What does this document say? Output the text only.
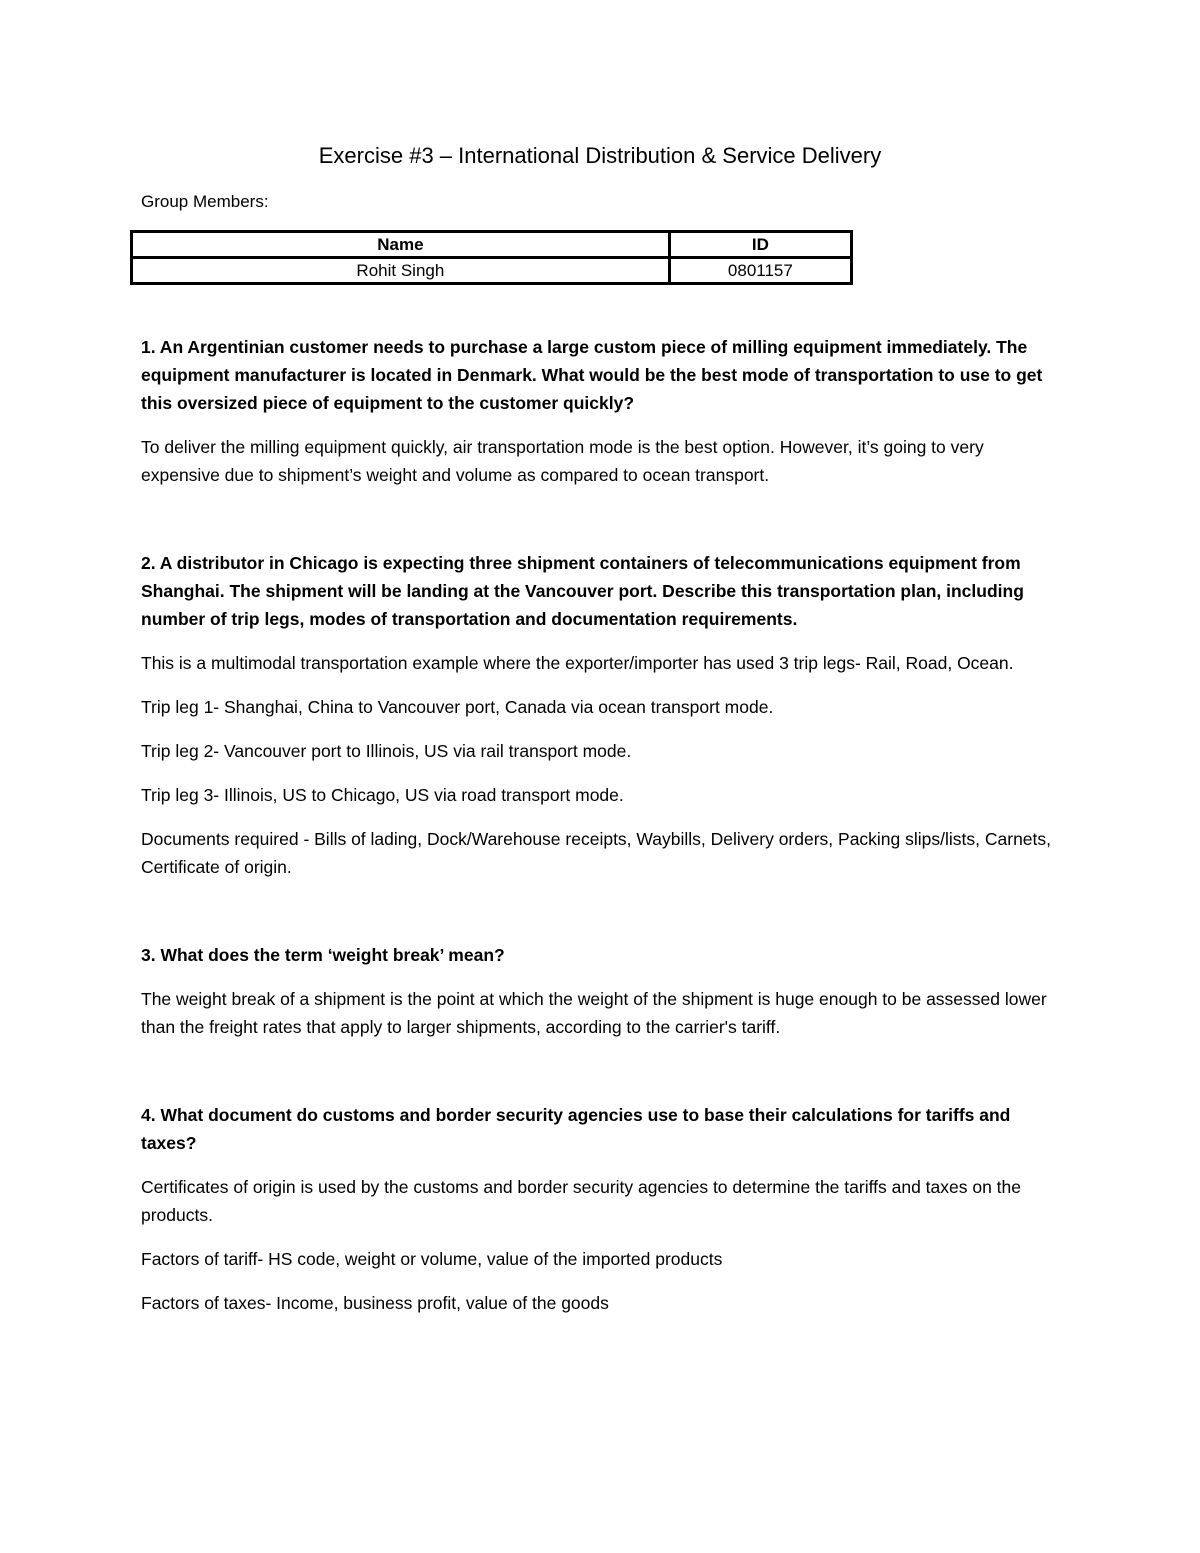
Exercise #3 – International Distribution & Service Delivery
Group Members:
Name	ID
Rohit Singh	0801157

1. An Argentinian customer needs to purchase a large custom piece of milling equipment immediately. The equipment manufacturer is located in Denmark. What would be the best mode of transportation to use to get this oversized piece of equipment to the customer quickly?

To deliver the milling equipment quickly, air transportation mode is the best option. However, it’s going to very expensive due to shipment’s weight and volume as compared to ocean transport.

2. A distributor in Chicago is expecting three shipment containers of telecommunications equipment from Shanghai. The shipment will be landing at the Vancouver port. Describe this transportation plan, including number of trip legs, modes of transportation and documentation requirements.

This is a multimodal transportation example where the exporter/importer has used 3 trip legs- Rail, Road, Ocean.

Trip leg 1- Shanghai, China to Vancouver port, Canada via ocean transport mode.

Trip leg 2- Vancouver port to Illinois, US via rail transport mode.

Trip leg 3- Illinois, US to Chicago, US via road transport mode.

Documents required - Bills of lading, Dock/Warehouse receipts, Waybills, Delivery orders, Packing slips/lists, Carnets, Certificate of origin.

3. What does the term ‘weight break’ mean?

The weight break of a shipment is the point at which the weight of the shipment is huge enough to be assessed lower than the freight rates that apply to larger shipments, according to the carrier's tariff.

4. What document do customs and border security agencies use to base their calculations for tariffs and taxes?

Certificates of origin is used by the customs and border security agencies to determine the tariffs and taxes on the products.

Factors of tariff- HS code, weight or volume, value of the imported products

Factors of taxes- Income, business profit, value of the goods
